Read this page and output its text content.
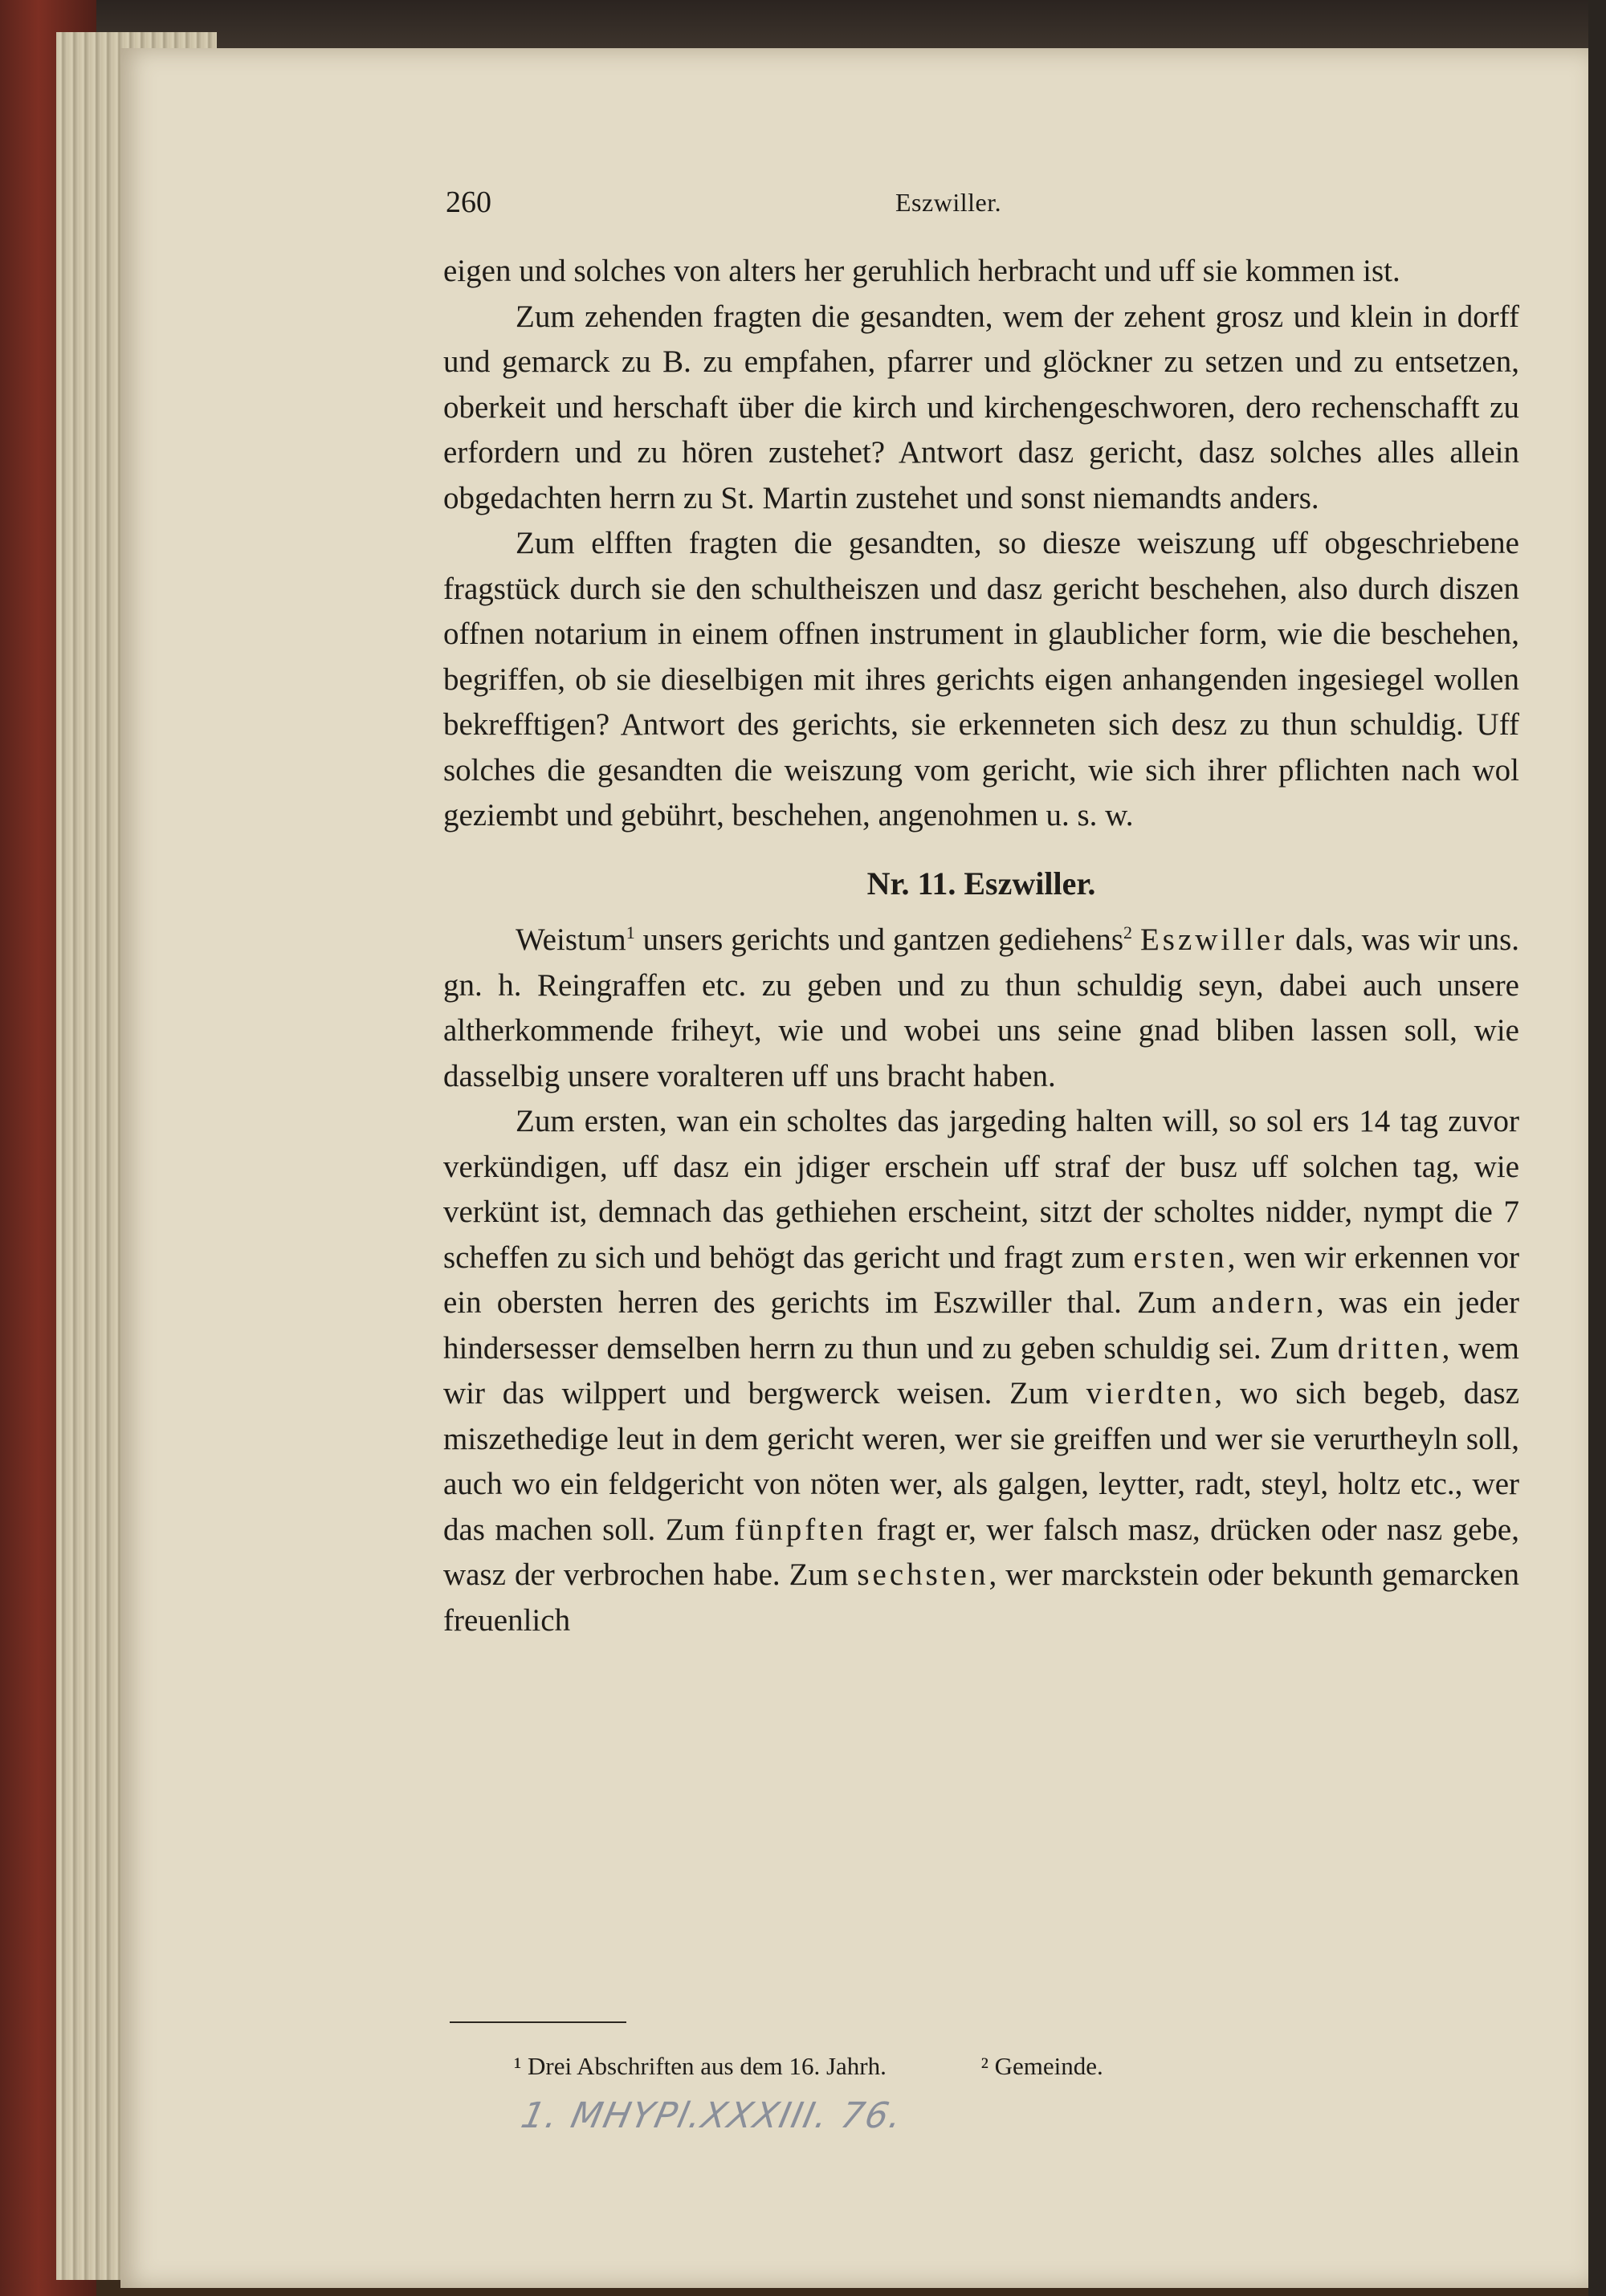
260	Eszwiller.

eigen und solches von alters her geruhlich herbracht und uff sie kommen ist.

Zum zehenden fragten die gesandten, wem der zehent grosz und klein in dorff und gemarck zu B. zu empfahen, pfarrer und glöckner zu setzen und zu entsetzen, oberkeit und herschaft über die kirch und kirchengeschworen, dero rechenschafft zu erfordern und zu hören zustehet? Antwort dasz gericht, dasz solches alles allein obgedachten herrn zu St. Martin zustehet und sonst niemandts anders.

Zum elfften fragten die gesandten, so diesze weiszung uff obgeschriebene fragstück durch sie den schultheiszen und dasz gericht beschehen, also durch diszen offnen notarium in einem offnen instrument in glaublicher form, wie die beschehen, begriffen, ob sie dieselbigen mit ihres gerichts eigen anhangenden ingesiegel wollen bekrefftigen? Antwort des gerichts, sie erkenneten sich desz zu thun schuldig. Uff solches die gesandten die weiszung vom gericht, wie sich ihrer pflichten nach wol geziembt und gebührt, beschehen, angenohmen u. s. w.

Nr. 11. Eszwiller.

Weistum$^1$ unsers gerichts und gantzen gediehens$^2$ Eszwiller dals, was wir uns. gn. h. Reingraffen etc. zu geben und zu thun schuldig seyn, dabei auch unsere altherkommende friheyt, wie und wobei uns seine gnad bliben lassen soll, wie dasselbig unsere voralteren uff uns bracht haben.

Zum ersten, wan ein scholtes das jargeding halten will, so sol ers 14 tag zuvor verkündigen, uff dasz ein jdiger erschein uff straf der busz uff solchen tag, wie verkünt ist, demnach das gethiehen erscheint, sitzt der scholtes nidder, nympt die 7 scheffen zu sich und behögt das gericht und fragt zum ersten, wen wir erkennen vor ein obersten herren des gerichts im Eszwiller thal. Zum andern, was ein jeder hindersesser demselben herrn zu thun und zu geben schuldig sei. Zum dritten, wem wir das wilppert und bergwerck weisen. Zum vierdten, wo sich begeb, dasz miszethedige leut in dem gericht weren, wer sie greiffen und wer sie verurtheyln soll, auch wo ein feldgericht von nöten wer, als galgen, leytter, radt, steyl, holtz etc., wer das machen soll. Zum fünpften fragt er, wer falsch masz, drücken oder nasz gebe, wasz der verbrochen habe. Zum sechsten, wer marckstein oder bekunth gemarcken freuenlich

¹ Drei Abschriften aus dem 16. Jahrh.	² Gemeinde.
1. MHYPl.XXXIII. 76.
